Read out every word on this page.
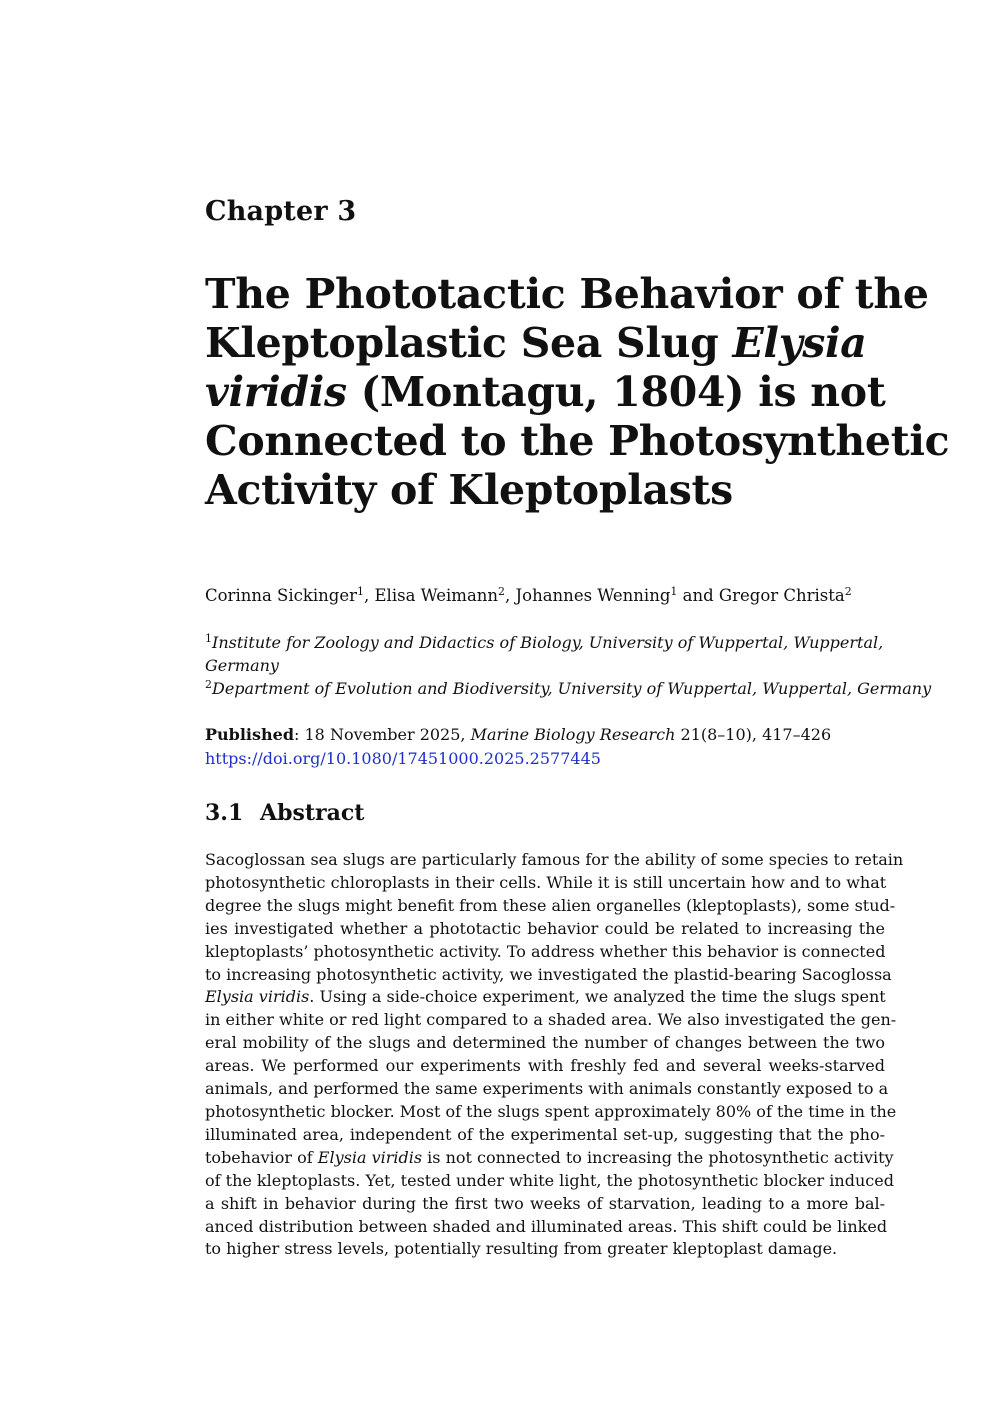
Chapter 3
The Phototactic Behavior of the
Kleptoplastic Sea Slug Elysia
viridis (Montagu, 1804) is not
Connected to the Photosynthetic
Activity of Kleptoplasts
Corinna Sickinger$^1$, Elisa Weimann$^2$, Johannes Wenning$^1$ and Gregor Christa$^2$
$^1$Institute for Zoology and Didactics of Biology, University of Wuppertal, Wuppertal,
Germany
$^2$Department of Evolution and Biodiversity, University of Wuppertal, Wuppertal, Germany
Published: 18 November 2025, Marine Biology Research 21(8–10), 417–426
https://doi.org/10.1080/17451000.2025.2577445
3.1 Abstract
Sacoglossan sea slugs are particularly famous for the ability of some species to retain
photosynthetic chloroplasts in their cells. While it is still uncertain how and to what
degree the slugs might benefit from these alien organelles (kleptoplasts), some stud-
ies investigated whether a phototactic behavior could be related to increasing the
kleptoplasts’ photosynthetic activity. To address whether this behavior is connected
to increasing photosynthetic activity, we investigated the plastid-bearing Sacoglossa
Elysia viridis. Using a side-choice experiment, we analyzed the time the slugs spent
in either white or red light compared to a shaded area. We also investigated the gen-
eral mobility of the slugs and determined the number of changes between the two
areas. We performed our experiments with freshly fed and several weeks-starved
animals, and performed the same experiments with animals constantly exposed to a
photosynthetic blocker. Most of the slugs spent approximately 80% of the time in the
illuminated area, independent of the experimental set-up, suggesting that the pho-
tobehavior of Elysia viridis is not connected to increasing the photosynthetic activity
of the kleptoplasts. Yet, tested under white light, the photosynthetic blocker induced
a shift in behavior during the first two weeks of starvation, leading to a more bal-
anced distribution between shaded and illuminated areas. This shift could be linked
to higher stress levels, potentially resulting from greater kleptoplast damage.
